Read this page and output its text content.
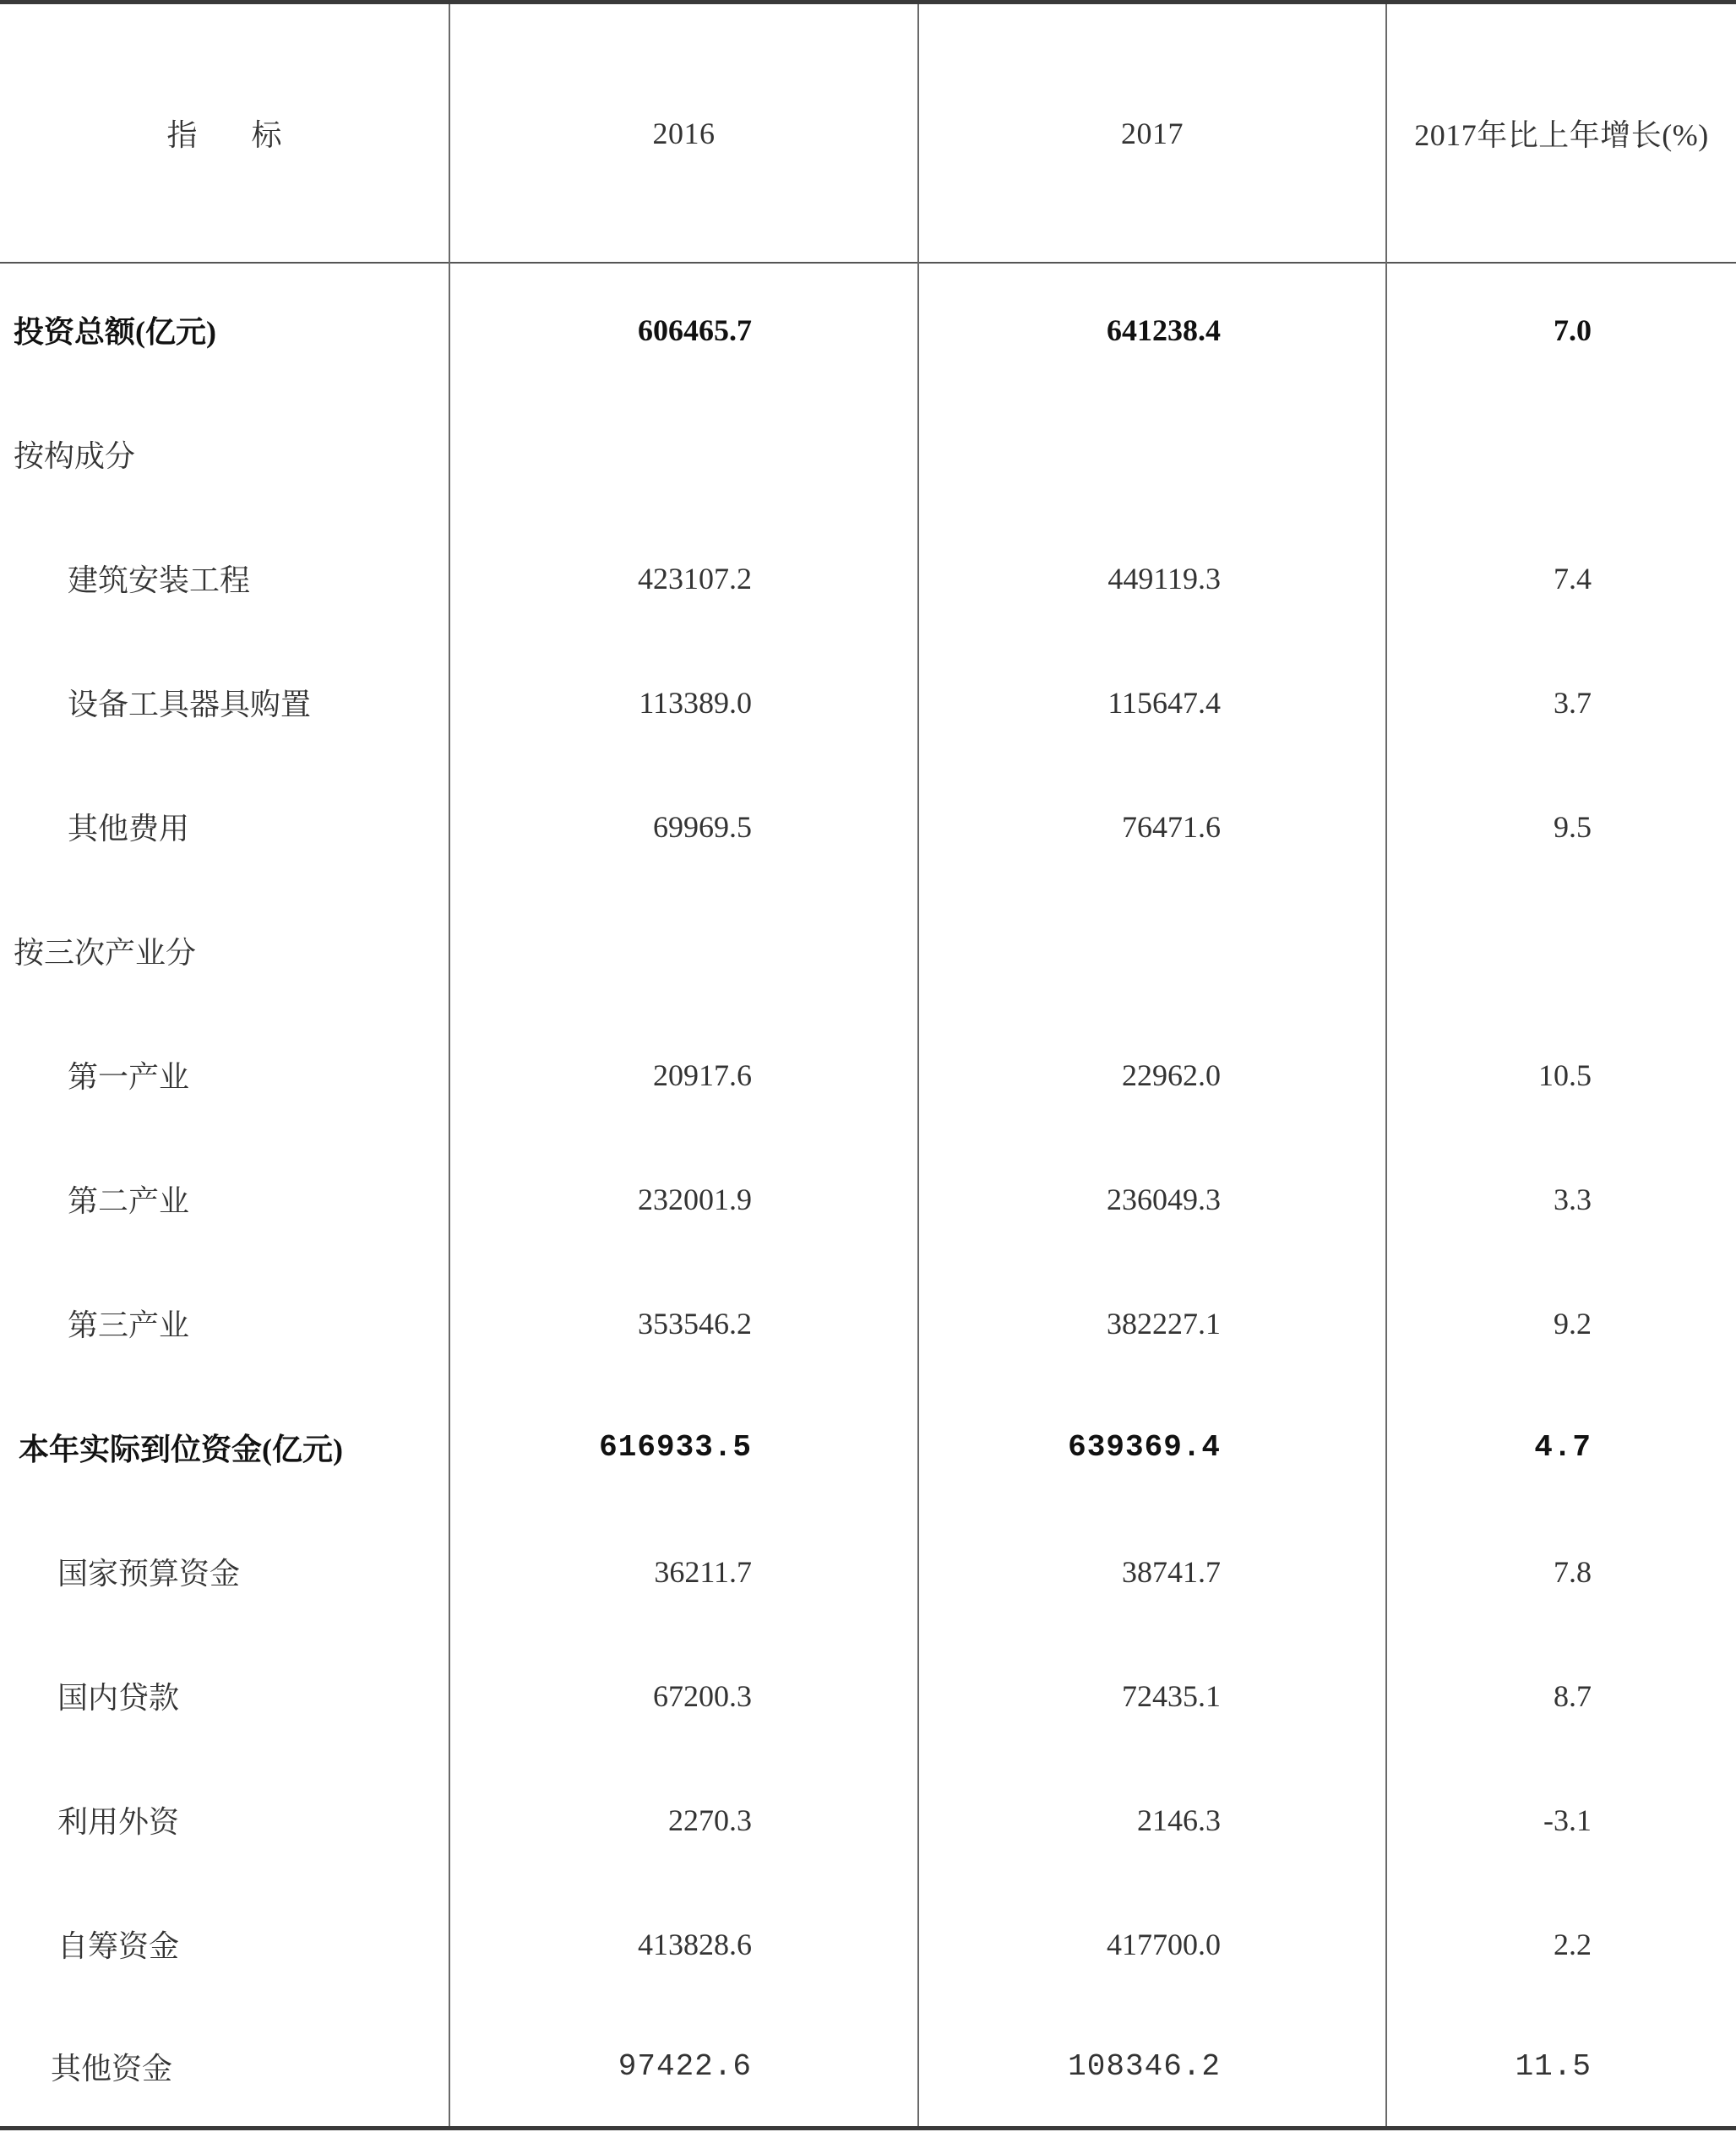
指 标	2016	2017	2017年比上年增长(%)
投资总额(亿元)	606465.7	641238.4	7.0
按构成分
建筑安装工程	423107.2	449119.3	7.4
设备工具器具购置	113389.0	115647.4	3.7
其他费用	69969.5	76471.6	9.5
按三次产业分
第一产业	20917.6	22962.0	10.5
第二产业	232001.9	236049.3	3.3
第三产业	353546.2	382227.1	9.2
本年实际到位资金(亿元)	616933.5	639369.4	4.7
国家预算资金	36211.7	38741.7	7.8
国内贷款	67200.3	72435.1	8.7
利用外资	2270.3	2146.3	-3.1
自筹资金	413828.6	417700.0	2.2
其他资金	97422.6	108346.2	11.5
